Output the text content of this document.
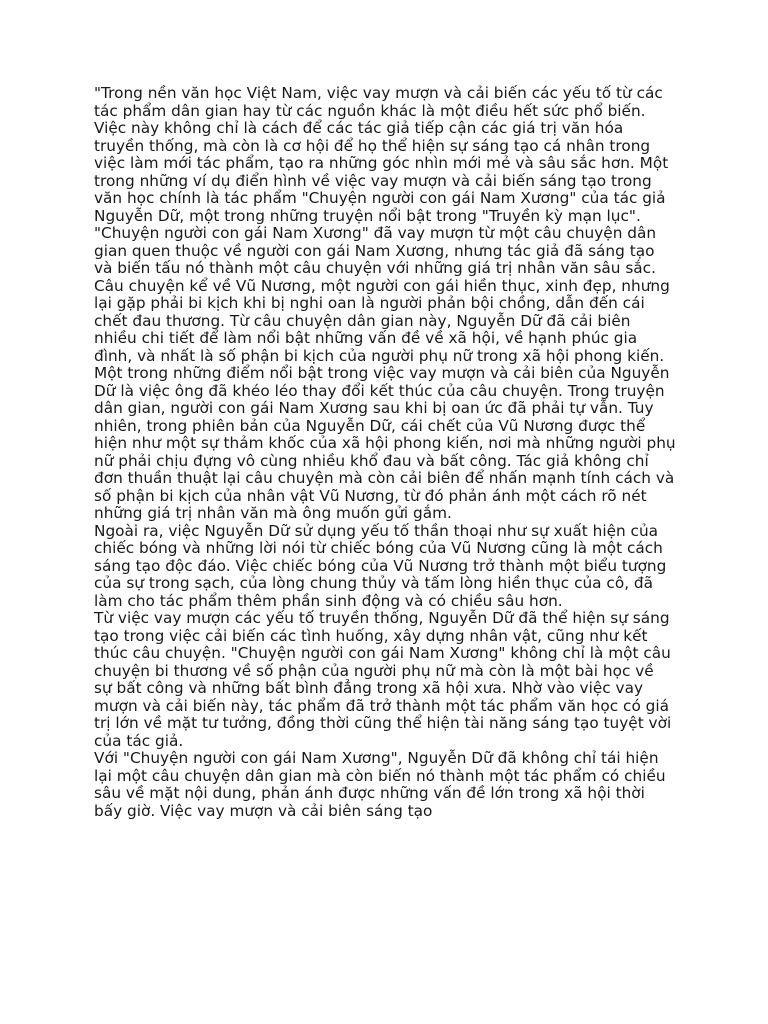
"Trong nền văn học Việt Nam, việc vay mượn và cải biến các yếu tố từ các tác phẩm dân gian hay từ các nguồn khác là một điều hết sức phổ biến. Việc này không chỉ là cách để các tác giả tiếp cận các giá trị văn hóa truyền thống, mà còn là cơ hội để họ thể hiện sự sáng tạo cá nhân trong việc làm mới tác phẩm, tạo ra những góc nhìn mới mẻ và sâu sắc hơn. Một trong những ví dụ điển hình về việc vay mượn và cải biến sáng tạo trong văn học chính là tác phẩm "Chuyện người con gái Nam Xương" của tác giả Nguyễn Dữ, một trong những truyện nổi bật trong "Truyền kỳ mạn lục".

"Chuyện người con gái Nam Xương" đã vay mượn từ một câu chuyện dân gian quen thuộc về người con gái Nam Xương, nhưng tác giả đã sáng tạo và biến tấu nó thành một câu chuyện với những giá trị nhân văn sâu sắc. Câu chuyện kể về Vũ Nương, một người con gái hiền thục, xinh đẹp, nhưng lại gặp phải bi kịch khi bị nghi oan là người phản bội chồng, dẫn đến cái chết đau thương. Từ câu chuyện dân gian này, Nguyễn Dữ đã cải biên nhiều chi tiết để làm nổi bật những vấn đề về xã hội, về hạnh phúc gia đình, và nhất là số phận bi kịch của người phụ nữ trong xã hội phong kiến.

Một trong những điểm nổi bật trong việc vay mượn và cải biên của Nguyễn Dữ là việc ông đã khéo léo thay đổi kết thúc của câu chuyện. Trong truyện dân gian, người con gái Nam Xương sau khi bị oan ức đã phải tự vẫn. Tuy nhiên, trong phiên bản của Nguyễn Dữ, cái chết của Vũ Nương được thể hiện như một sự thảm khốc của xã hội phong kiến, nơi mà những người phụ nữ phải chịu đựng vô cùng nhiều khổ đau và bất công. Tác giả không chỉ đơn thuần thuật lại câu chuyện mà còn cải biên để nhấn mạnh tính cách và số phận bi kịch của nhân vật Vũ Nương, từ đó phản ánh một cách rõ nét những giá trị nhân văn mà ông muốn gửi gắm.

Ngoài ra, việc Nguyễn Dữ sử dụng yếu tố thần thoại như sự xuất hiện của chiếc bóng và những lời nói từ chiếc bóng của Vũ Nương cũng là một cách sáng tạo độc đáo. Việc chiếc bóng của Vũ Nương trở thành một biểu tượng của sự trong sạch, của lòng chung thủy và tấm lòng hiền thục của cô, đã làm cho tác phẩm thêm phần sinh động và có chiều sâu hơn.

Từ việc vay mượn các yếu tố truyền thống, Nguyễn Dữ đã thể hiện sự sáng tạo trong việc cải biến các tình huống, xây dựng nhân vật, cũng như kết thúc câu chuyện. "Chuyện người con gái Nam Xương" không chỉ là một câu chuyện bi thương về số phận của người phụ nữ mà còn là một bài học về sự bất công và những bất bình đẳng trong xã hội xưa. Nhờ vào việc vay mượn và cải biến này, tác phẩm đã trở thành một tác phẩm văn học có giá trị lớn về mặt tư tưởng, đồng thời cũng thể hiện tài năng sáng tạo tuyệt vời của tác giả.

Với "Chuyện người con gái Nam Xương", Nguyễn Dữ đã không chỉ tái hiện lại một câu chuyện dân gian mà còn biến nó thành một tác phẩm có chiều sâu về mặt nội dung, phản ánh được những vấn đề lớn trong xã hội thời bấy giờ. Việc vay mượn và cải biên sáng tạo
